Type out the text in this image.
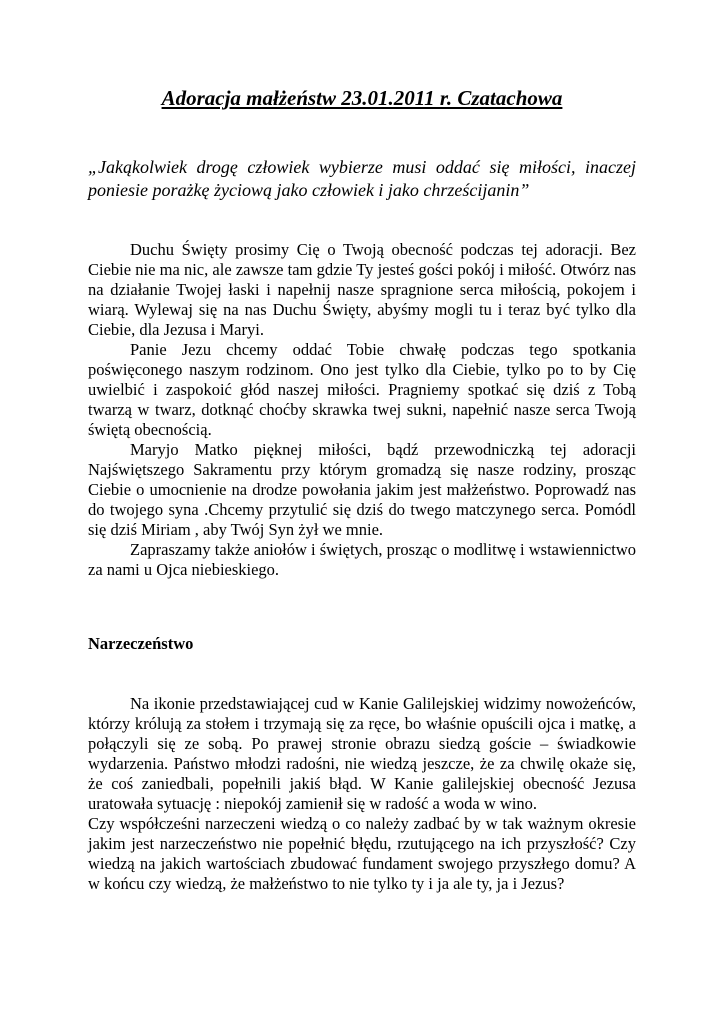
Adoracja małżeństw 23.01.2011 r. Czatachowa

„Jakąkolwiek drogę człowiek wybierze musi oddać się miłości, inaczej poniesie porażkę życiową jako człowiek i jako chrześcijanin”

Duchu Święty prosimy Cię o Twoją obecność podczas tej adoracji. Bez Ciebie nie ma nic, ale zawsze tam gdzie Ty jesteś gości pokój i miłość. Otwórz nas na działanie Twojej łaski i napełnij nasze spragnione serca miłością, pokojem i wiarą. Wylewaj się na nas Duchu Święty, abyśmy mogli tu i teraz być tylko dla Ciebie, dla Jezusa i Maryi.

Panie Jezu chcemy oddać Tobie chwałę podczas tego spotkania poświęconego naszym rodzinom. Ono jest tylko dla Ciebie, tylko po to by Cię uwielbić i zaspokoić głód naszej miłości. Pragniemy spotkać się dziś z Tobą twarzą w twarz, dotknąć choćby skrawka twej sukni, napełnić nasze serca Twoją świętą obecnością.

Maryjo Matko pięknej miłości, bądź przewodniczką tej adoracji Najświętszego Sakramentu przy którym gromadzą się nasze rodziny, prosząc Ciebie o umocnienie na drodze powołania jakim jest małżeństwo. Poprowadź nas do twojego syna .Chcemy przytulić się dziś do twego matczynego serca. Pomódl się dziś Miriam , aby Twój Syn żył we mnie.

Zapraszamy także aniołów i świętych, prosząc o modlitwę i wstawiennictwo za nami u Ojca niebieskiego.

Narzeczeństwo

Na ikonie przedstawiającej cud w Kanie Galilejskiej widzimy nowożeńców, którzy królują za stołem i trzymają się za ręce, bo właśnie opuścili ojca i matkę, a połączyli się ze sobą. Po prawej stronie obrazu siedzą goście – świadkowie wydarzenia. Państwo młodzi radośni, nie wiedzą jeszcze, że za chwilę okaże się, że coś zaniedbali, popełnili jakiś błąd. W Kanie galilejskiej obecność Jezusa uratowała sytuację : niepokój zamienił się w radość a woda w wino.

Czy współcześni narzeczeni wiedzą o co należy zadbać by w tak ważnym okresie jakim jest narzeczeństwo nie popełnić błędu, rzutującego na ich przyszłość? Czy wiedzą na jakich wartościach zbudować fundament swojego przyszłego domu? A w końcu czy wiedzą, że małżeństwo to nie tylko ty i ja ale ty, ja i Jezus?
